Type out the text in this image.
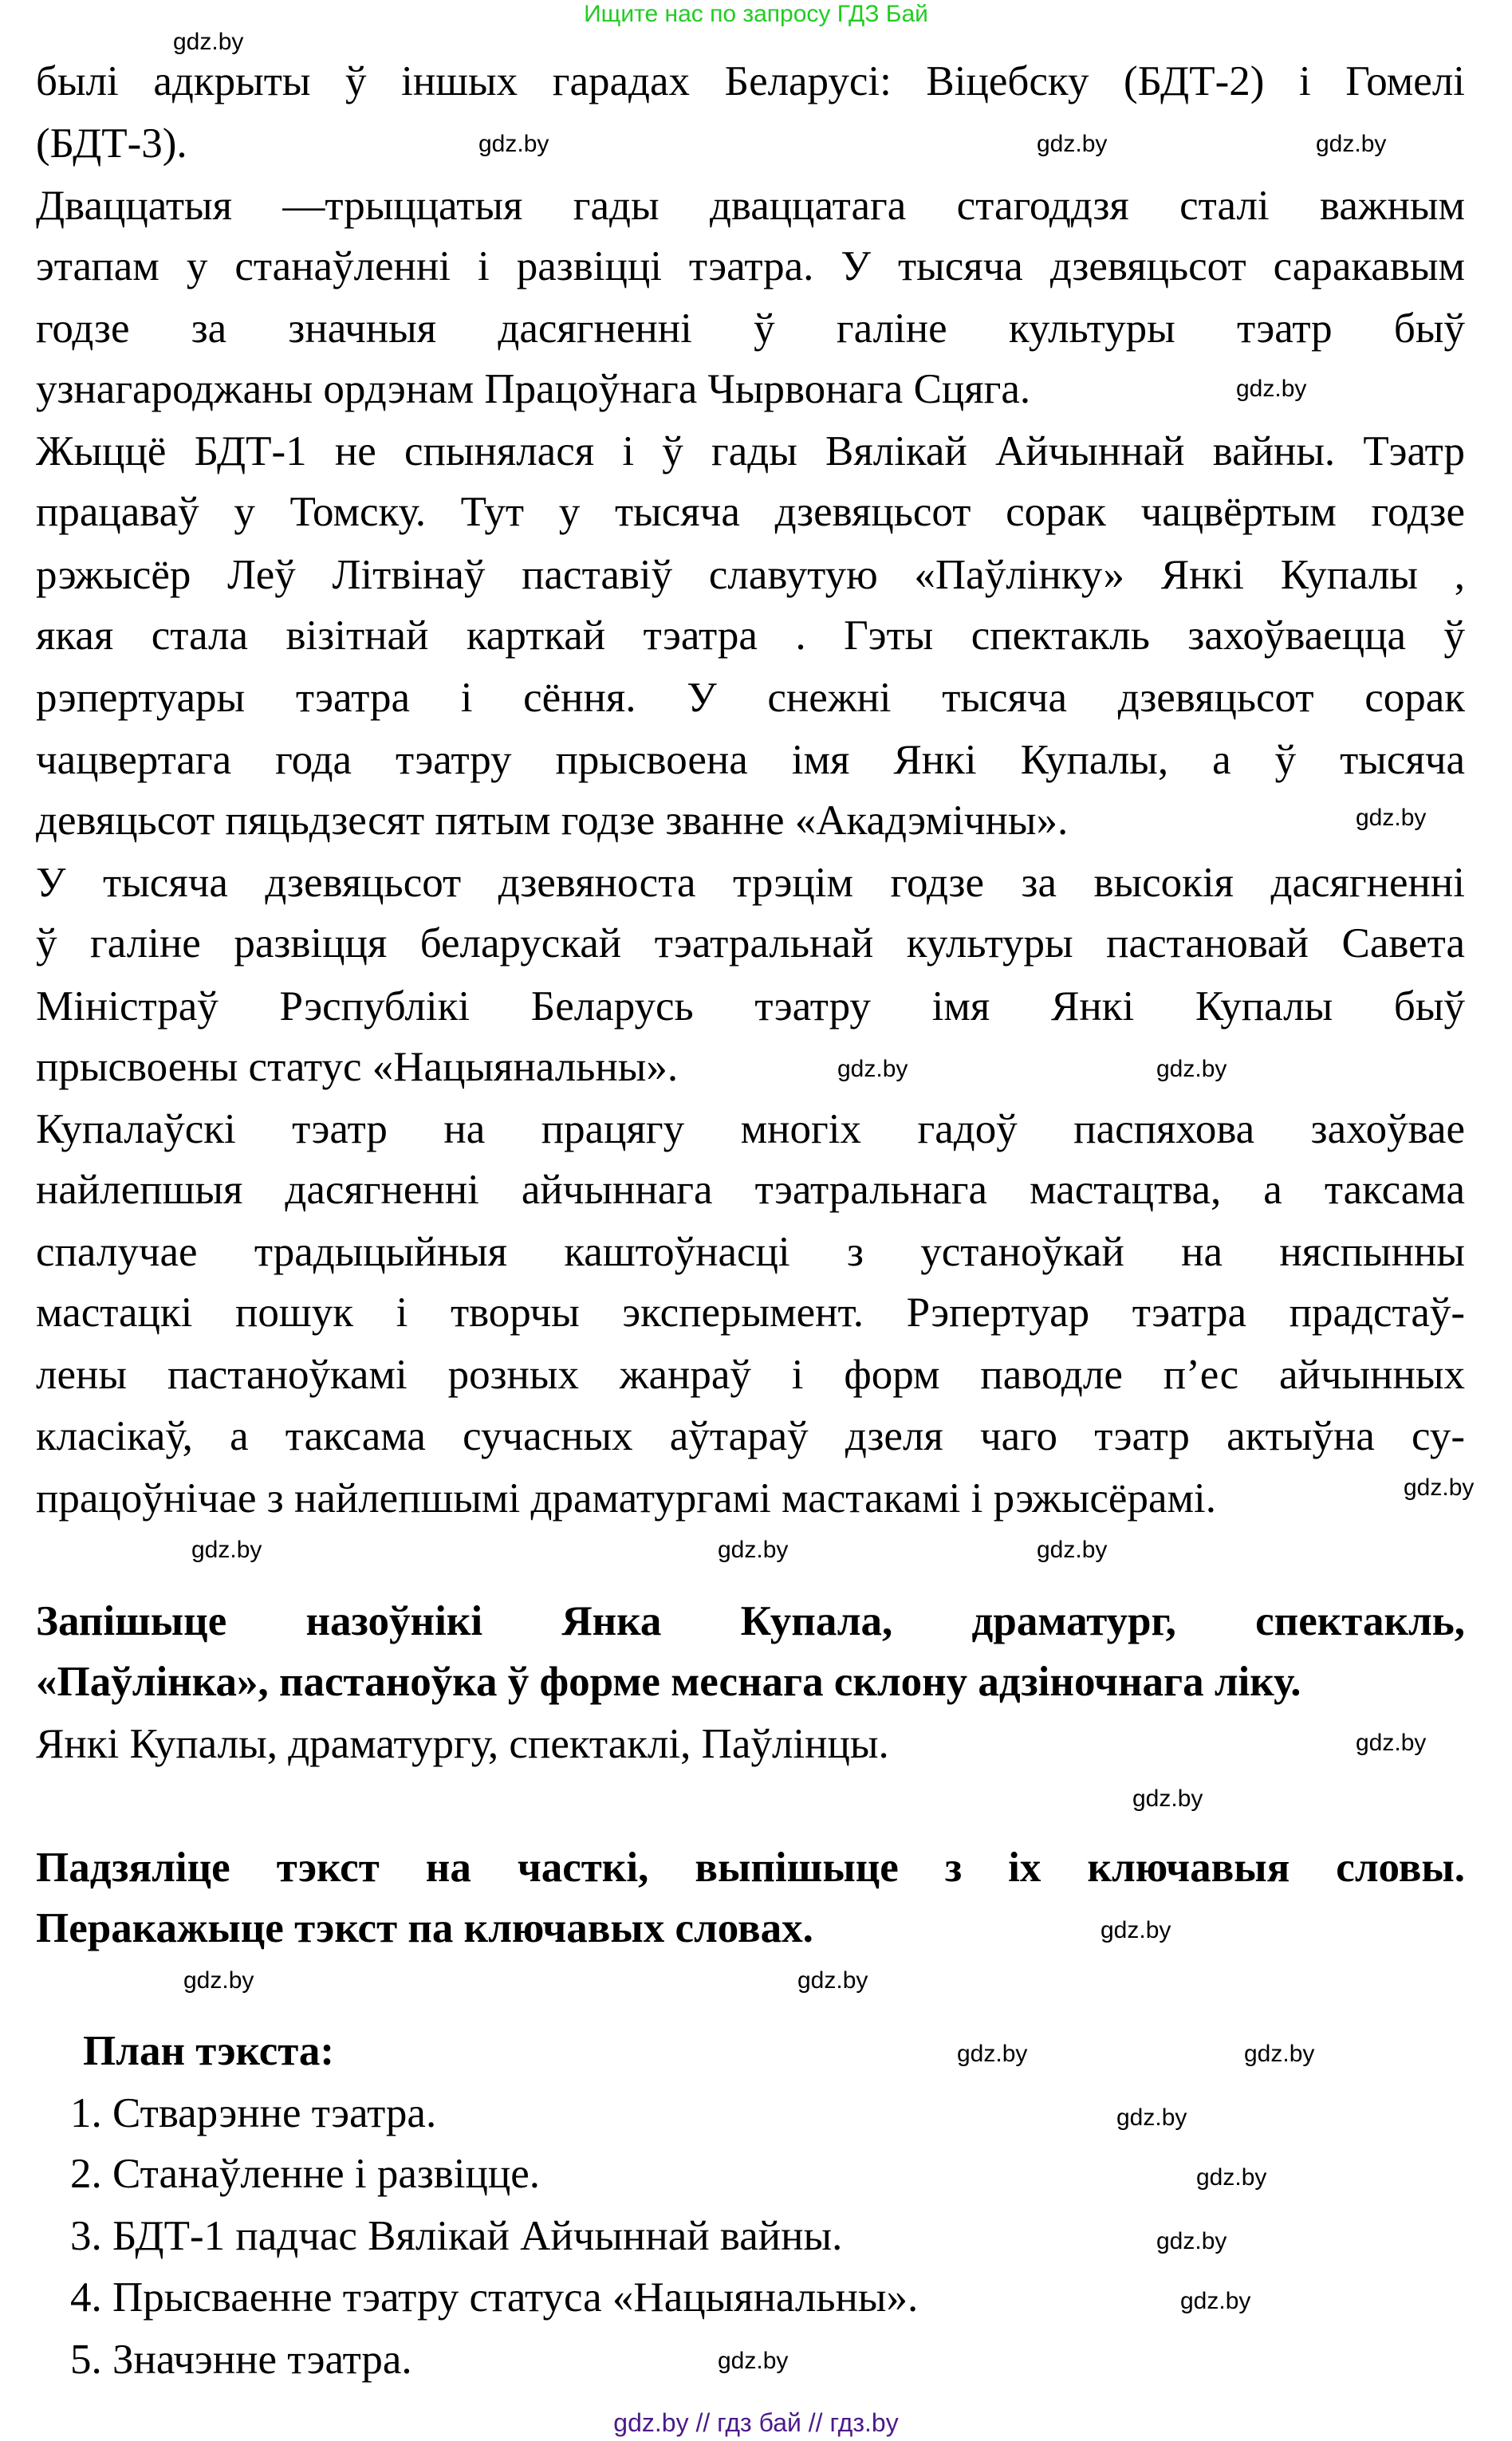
Ищите нас по запросу ГДЗ Бай
былі адкрыты ў іншых гарадах Беларусі: Віцебску (БДТ-2) і Гомелі
(БДТ-3).
Дваццатыя —трыццатыя гады дваццатага стагоддзя сталі важным
этапам у станаўленні і развіцці тэатра. У тысяча дзевяцьсот саракавым
годзе за значныя дасягненні ў галіне культуры тэатр быў
узнагароджаны ордэнам Працоўнага Чырвонага Сцяга.
Жыццё БДТ-1 не спынялася і ў гады Вялікай Айчыннай вайны. Тэатр
працаваў у Томску. Тут у тысяча дзевяцьсот сорак чацвёртым годзе
рэжысёр Леў Літвінаў паставіў славутую «Паўлінку» Янкі Купалы ,
якая стала візітнай карткай тэатра . Гэты спектакль захоўваецца ў
рэпертуары тэатра і сёння. У снежні тысяча дзевяцьсот сорак
чацвертага года тэатру прысвоена імя Янкі Купалы, а ў тысяча
девяцьсот пяцьдзесят пятым годзе званне «Акадэмічны».
У тысяча дзевяцьсот дзевяноста трэцім годзе за высокія дасягненні
ў галіне развіцця беларускай тэатральнай культуры пастановай Савета
Міністраў Рэспублікі Беларусь тэатру імя Янкі Купалы быў
прысвоены статус «Нацыянальны».
Купалаўскі тэатр на працягу многіх гадоў паспяхова захоўвае
найлепшыя дасягненні айчыннага тэатральнага мастацтва, а таксама
спалучае традыцыйныя каштоўнасці з устаноўкай на няспынны
мастацкі пошук і творчы эксперымент. Рэпертуар тэатра прадстаў-
лены пастаноўкамі розных жанраў і форм паводле п’ес айчынных
класікаў, а таксама сучасных аўтараў дзеля чаго тэатр актыўна су-
працоўнічае з найлепшымі драматургамі мастакамі і рэжысёрамі.
Запішыце назоўнікі Янка Купала, драматург, спектакль,
«Паўлінка», пастаноўка ў форме меснага склону адзіночнага ліку.
Янкі Купалы, драматургу, спектаклі, Паўлінцы.
Падзяліце тэкст на часткі, выпішыце з іх ключавыя словы.
Перакажыце тэкст па ключавых словах.
План тэкста:
1. Стварэнне тэатра.
2. Станаўленне і развіцце.
3. БДТ-1 падчас Вялікай Айчыннай вайны.
4. Прысваенне тэатру статуса «Нацыянальны».
5. Значэнне тэатра.
gdz.by
gdz.by	gdz.by	gdz.by
gdz.by
gdz.by
gdz.by	gdz.by
gdz.by
gdz.by	gdz.by	gdz.by
gdz.by
gdz.by
gdz.by
gdz.by	gdz.by
gdz.by	gdz.by
gdz.by
gdz.by
gdz.by
gdz.by
gdz.by
gdz.by // гдз бай // гдз.by
